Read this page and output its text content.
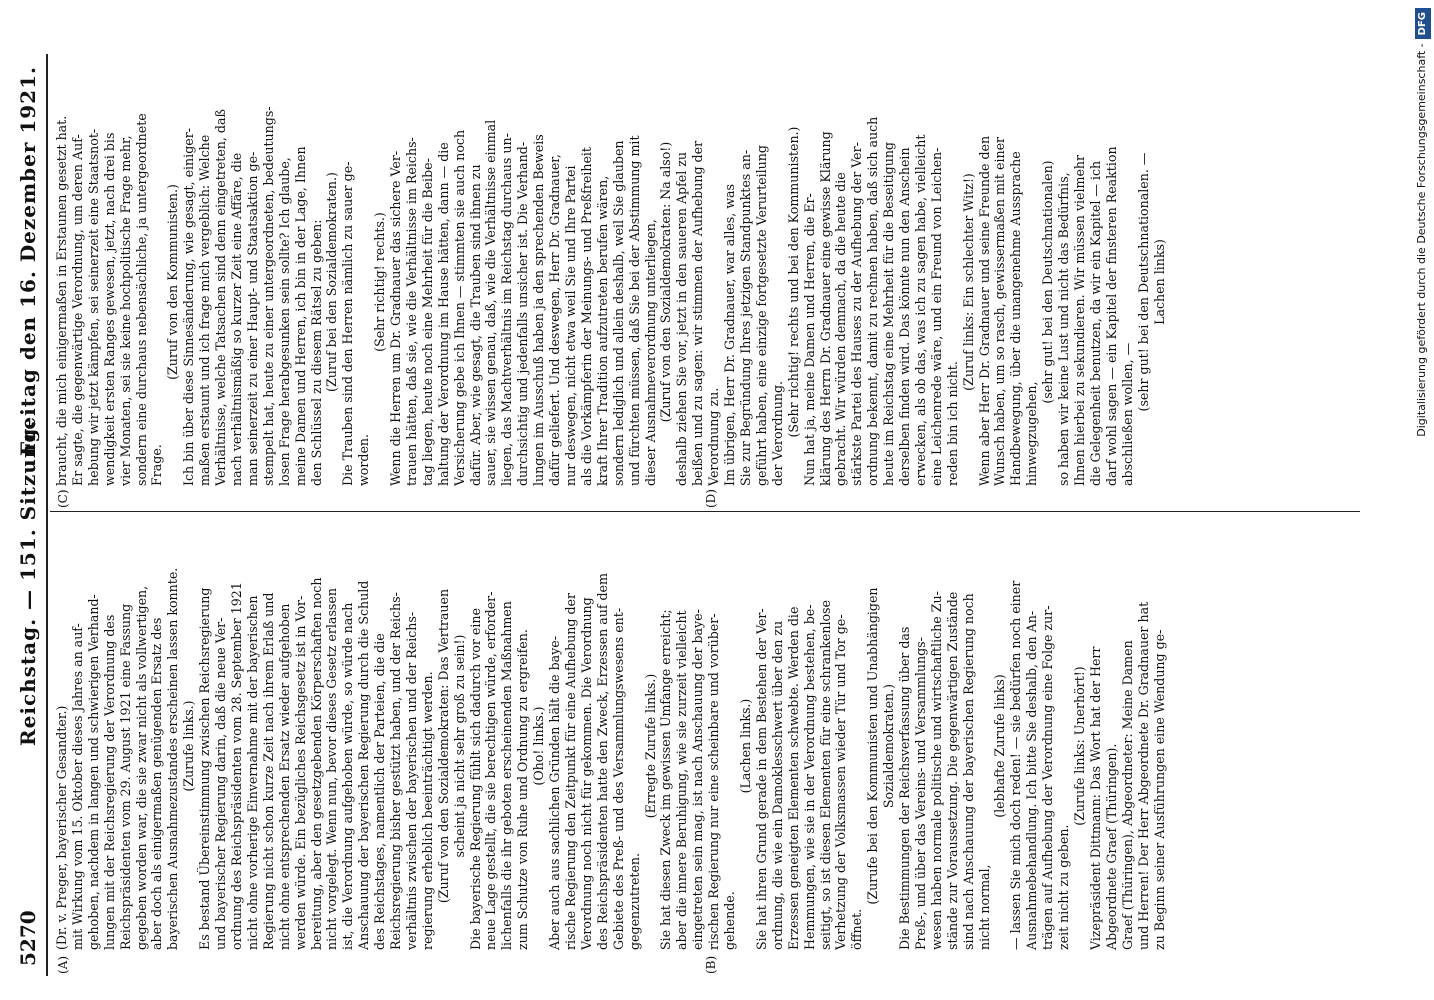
5270
Reichstag. — 151. Sitzung.
Freitag den 16. Dezember 1921.
(A)	(B)
(Dr. v. Preger, bayerischer Gesandter.) mit Wirkung vom 15. Oktober dieses Jahres an auf- gehoben, nachdem in langen und schwierigen Verhand- lungen mit der Reichsregierung der Verordnung des Reichspräsidenten vom 29. August 1921 eine Fassung gegeben worden war, die sie zwar nicht als vollwertigen, aber doch als einigermaßen genügenden Ersatz des bayerischen Ausnahmezustandes erscheinen lassen konnte. (Zurufe links.) Es bestand Übereinstimmung zwischen Reichsregierung und bayerischer Regierung darin, daß die neue Ver- ordnung des Reichspräsidenten vom 28. September 1921 nicht ohne vorherige Einvernahme mit der bayerischen Regierung nicht schon kurze Zeit nach ihrem Erlaß und nicht ohne entsprechenden Ersatz wieder aufgehoben werden würde. Ein bezügliches Reichsgesetz ist in Vor- bereitung, aber den gesetzgebenden Körperschaften noch nicht vorgelegt. Wenn nun, bevor dieses Gesetz erlassen ist, die Verordnung aufgehoben würde, so würde nach Anschauung der bayerischen Regierung durch die Schuld des Reichstages, namentlich der Parteien, die die Reichsregierung bisher gestützt haben, und der Reichs- verhältnis zwischen der bayerischen und der Reichs- regierung erheblich beeinträchtigt werden. (Zuruf von den Sozialdemokraten: Das Vertrauen scheint ja nicht sehr groß zu sein!) Die bayerische Regierung fühlt sich dadurch vor eine neue Lage gestellt, die sie berechtigen würde, erforder- lichenfalls die ihr geboten erscheinenden Maßnahmen zum Schutze von Ruhe und Ordnung zu ergreifen. (Oho! links.) Aber auch aus sachlichen Gründen hält die baye- rische Regierung den Zeitpunkt für eine Aufhebung der Verordnung noch nicht für gekommen. Die Verordnung des Reichspräsidenten hatte den Zweck, Erzessen auf dem Gebiete des Preß- und des Versammlungswesens ent- gegenzutreten.
(Erregte Zurufe links.) Sie hat diesen Zweck im gewissen Umfange erreicht; aber die innere Beruhigung, wie sie zurzeit vielleicht eingetreten sein mag, ist nach Anschauung der baye- rischen Regierung nur eine scheinbare und vorüber- gehende.
(Lachen links.) Sie hat ihren Grund gerade in dem Bestehen der Ver- ordnung, die wie ein Damoklesschwert über den zu Erzessen geneigten Elementen schwebte. Werden die Hemmungen, wie sie in der Verordnung bestehen, be- seitigt, so ist diesen Elementen für eine schrankenlose Verhetzung der Volksmassen wieder Tür und Tor ge- öffnet.
(Zurufe bei den Kommunisten und Unabhängigen Sozialdemokraten.) Die Bestimmungen der Reichsverfassung über das Preß-, und über das Vereins- und Versammlungs- wesen haben normale politische und wirtschaftliche Zu- stände zur Voraussetzung. Die gegenwärtigen Zustände sind nach Anschauung der bayerischen Regierung noch nicht normal,
(lebhafte Zurufe links) — lassen Sie mich doch reden! — sie bedürfen noch einer Ausnahmebehandlung. Ich bitte Sie deshalb, den An- trägen auf Aufhebung der Verordnung eine Folge zur- zeit nicht zu geben.
(Zurufe links: Unerhört!) Vizepräsident Dittmann: Das Wort hat der Herr Abgeordnete Graef (Thüringen). Graef (Thüringen), Abgeordneter: Meine Damen und Herren! Der Herr Abgeordnete Dr. Gradnauer hat zu Beginn seiner Ausführungen eine Wendung ge-
braucht, die mich einigermaßen in Erstaunen gesetzt hat. Er sagte, die gegenwärtige Verordnung, um deren Auf- hebung wir jetzt kämpfen, sei seinerzeit eine Staatsnot- wendigkeit ersten Ranges gewesen, jetzt, nach drei bis vier Monaten, sei sie keine hochpolitische Frage mehr, sondern eine durchaus nebensächliche, ja untergeordnete Frage.
(Zuruf von den Kommunisten.) Ich bin über diese Sinnesänderung, wie gesagt, einiger- maßen erstaunt und ich frage mich vergeblich: Welche Verhältnisse, welche Tatsachen sind denn eingetreten, daß nach verhältnismäßig so kurzer Zeit eine Affäre, die man seinerzeit zu einer Haupt- und Staatsaktion ge- stempelt hat, heute zu einer untergeordneten, bedeutungs- losen Frage herabgesunken sein sollte? Ich glaube, meine Damen und Herren, ich bin in der Lage, Ihnen den Schlüssel zu diesem Rätsel zu geben: (Zuruf bei den Sozialdemokraten.) Die Trauben sind den Herren nämlich zu sauer ge- worden.
(Sehr richtig! rechts.) Wenn die Herren um Dr. Gradnauer das sichere Ver- trauen hätten, daß sie, wie die Verhältnisse im Reichs- tag liegen, heute noch eine Mehrheit für die Beibe- haltung der Verordnung im Hause hätten, dann — die Versicherung gebe ich Ihnen — stimmten sie auch noch dafür. Aber, wie gesagt, die Trauben sind ihnen zu sauer, sie wissen genau, daß, wie die Verhältnisse einmal liegen, das Machtverhältnis im Reichstag durchaus un- durchsichtig und jedenfalls unsicher ist. Die Verhand- lungen im Ausschuß haben ja den sprechenden Beweis dafür geliefert. Und deswegen, Herr Dr. Gradnauer, nur deswegen, nicht etwa weil Sie und Ihre Partei als die Vorkämpferin der Meinungs- und Preßfreiheit kraft Ihrer Tradition aufzutreten berufen wären, sondern lediglich und allein deshalb, weil Sie glauben und fürchten müssen, daß Sie bei der Abstimmung mit dieser Ausnahmeverordnung unterliegen, (Zuruf von den Sozialdemokraten: Na also!) deshalb ziehen Sie vor, jetzt in den saueren Apfel zu beißen und zu sagen: wir stimmen der Aufhebung der Verordnung zu. Im übrigen, Herr Dr. Gradnauer, war alles, was Sie zur Begründung Ihres jetzigen Standpunktes an- geführt haben, eine einzige fortgesetzte Verurteilung der Verordnung. (Sehr richtig! rechts und bei den Kommunisten.) Nun hat ja, meine Damen und Herren, die Er- klärung des Herrn Dr. Gradnauer eine gewisse Klärung gebracht. Wir würden demnach, da die heute die stärkste Partei des Hauses zu der Aufhebung der Ver- ordnung bekennt, damit zu rechnen haben, daß sich auch heute im Reichstag eine Mehrheit für die Beseitigung derselben finden wird. Das könnte nun den Anschein erwecken, als ob das, was ich zu sagen habe, vielleicht eine Leichenrede wäre, und ein Freund von Leichen- reden bin ich nicht.
(Zuruf links: Ein schlechter Witz!) Wenn aber Herr Dr. Gradnauer und seine Freunde den Wunsch haben, um so rasch, gewissermaßen mit einer Handbewegung, über die unangenehme Aussprache hinwegzugehen,
(sehr gut! bei den Deutschnationalen) so haben wir keine Lust und nicht das Bedürfnis, Ihnen hierbei zu sekundieren. Wir müssen vielmehr die Gelegenheit benutzen, da wir ein Kapitel — ich darf wohl sagen — ein Kapitel der finsteren Reaktion abschließen wollen, —
(sehr gut! bei den Deutschnationalen. — Lachen links)
(C)	(D)
Digitalisierung gefördert durch die Deutsche Forschungsgemeinschaft -DFG
